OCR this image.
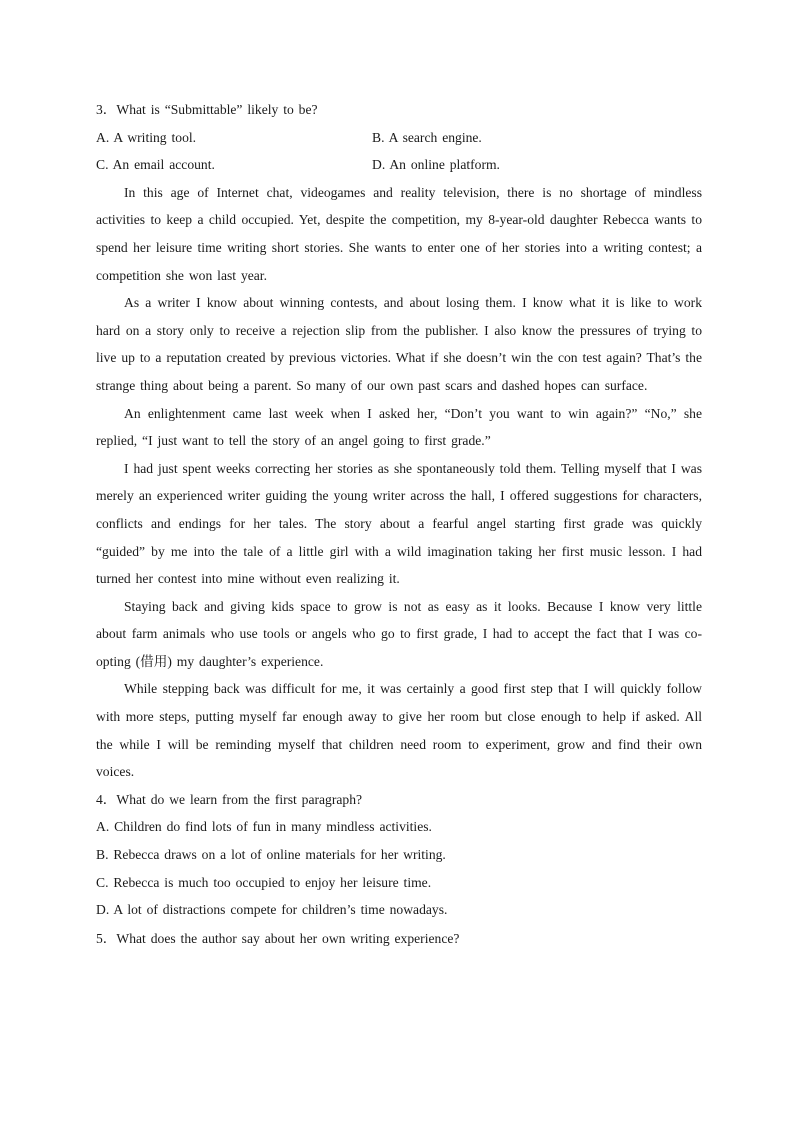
3．What is “Submittable” likely to be?

A. A writing tool.	B. A search engine.

C. An email account.	D. An online platform.

In this age of Internet chat, videogames and reality television, there is no shortage of mindless activities to keep a child occupied. Yet, despite the competition, my 8-year-old daughter Rebecca wants to spend her leisure time writing short stories. She wants to enter one of her stories into a writing contest; a competition she won last year.

As a writer I know about winning contests, and about losing them. I know what it is like to work hard on a story only to receive a rejection slip from the publisher. I also know the pressures of trying to live up to a reputation created by previous victories. What if she doesn’t win the con test again? That’s the strange thing about being a parent. So many of our own past scars and dashed hopes can surface.

An enlightenment came last week when I asked her, “Don’t you want to win again?” “No,” she replied, “I just want to tell the story of an angel going to first grade.”

I had just spent weeks correcting her stories as she spontaneously told them. Telling myself that I was merely an experienced writer guiding the young writer across the hall, I offered suggestions for characters, conflicts and endings for her tales. The story about a fearful angel starting first grade was quickly “guided” by me into the tale of a little girl with a wild imagination taking her first music lesson. I had turned her contest into mine without even realizing it.

Staying back and giving kids space to grow is not as easy as it looks. Because I know very little about farm animals who use tools or angels who go to first grade, I had to accept the fact that I was co-opting (借用) my daughter’s experience.

While stepping back was difficult for me, it was certainly a good first step that I will quickly follow with more steps, putting myself far enough away to give her room but close enough to help if asked. All the while I will be reminding myself that children need room to experiment, grow and find their own voices.

4．What do we learn from the first paragraph?

A. Children do find lots of fun in many mindless activities.

B. Rebecca draws on a lot of online materials for her writing.

C. Rebecca is much too occupied to enjoy her leisure time.

D. A lot of distractions compete for children’s time nowadays.

5．What does the author say about her own writing experience?
